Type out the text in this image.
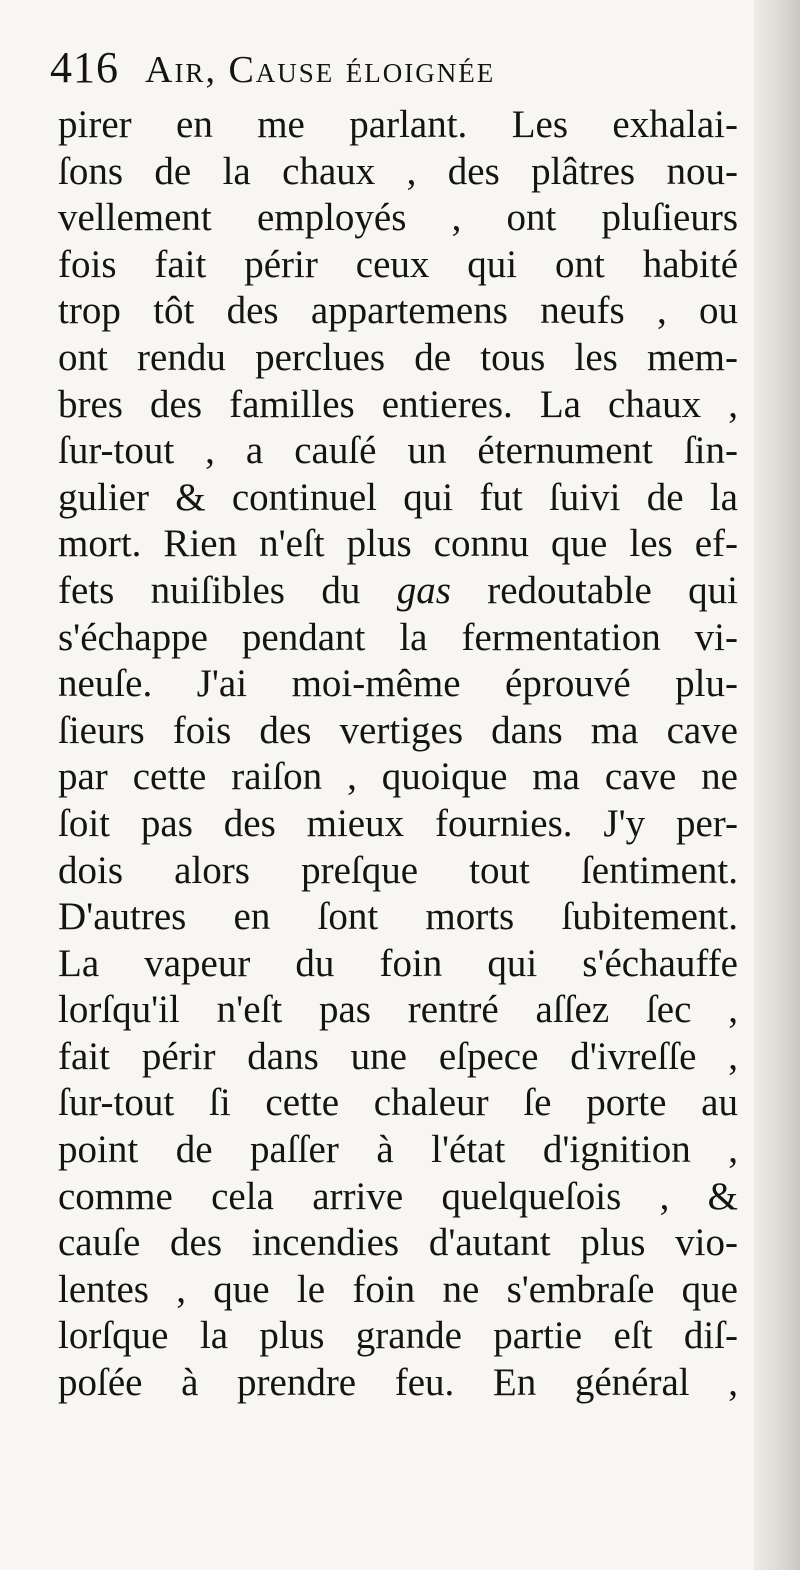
416 Air, Cause éloignée
pirer en me parlant. Les exhalai-
ſons de la chaux , des plâtres nou-
vellement employés , ont pluſieurs
fois fait périr ceux qui ont habité
trop tôt des appartemens neufs , ou
ont rendu perclues de tous les mem-
bres des familles entieres. La chaux ,
ſur-tout , a cauſé un éternument ſin-
gulier & continuel qui fut ſuivi de la
mort. Rien n'eſt plus connu que les ef-
fets nuiſibles du gas redoutable qui
s'échappe pendant la fermentation vi-
neuſe. J'ai moi-même éprouvé plu-
ſieurs fois des vertiges dans ma cave
par cette raiſon , quoique ma cave ne
ſoit pas des mieux fournies. J'y per-
dois alors preſque tout ſentiment.
D'autres en ſont morts ſubitement.
La vapeur du foin qui s'échauffe
lorſqu'il n'eſt pas rentré aſſez ſec ,
fait périr dans une eſpece d'ivreſſe ,
ſur-tout ſi cette chaleur ſe porte au
point de paſſer à l'état d'ignition ,
comme cela arrive quelqueſois , &
cauſe des incendies d'autant plus vio-
lentes , que le foin ne s'embraſe que
lorſque la plus grande partie eſt diſ-
poſée à prendre feu. En général ,
